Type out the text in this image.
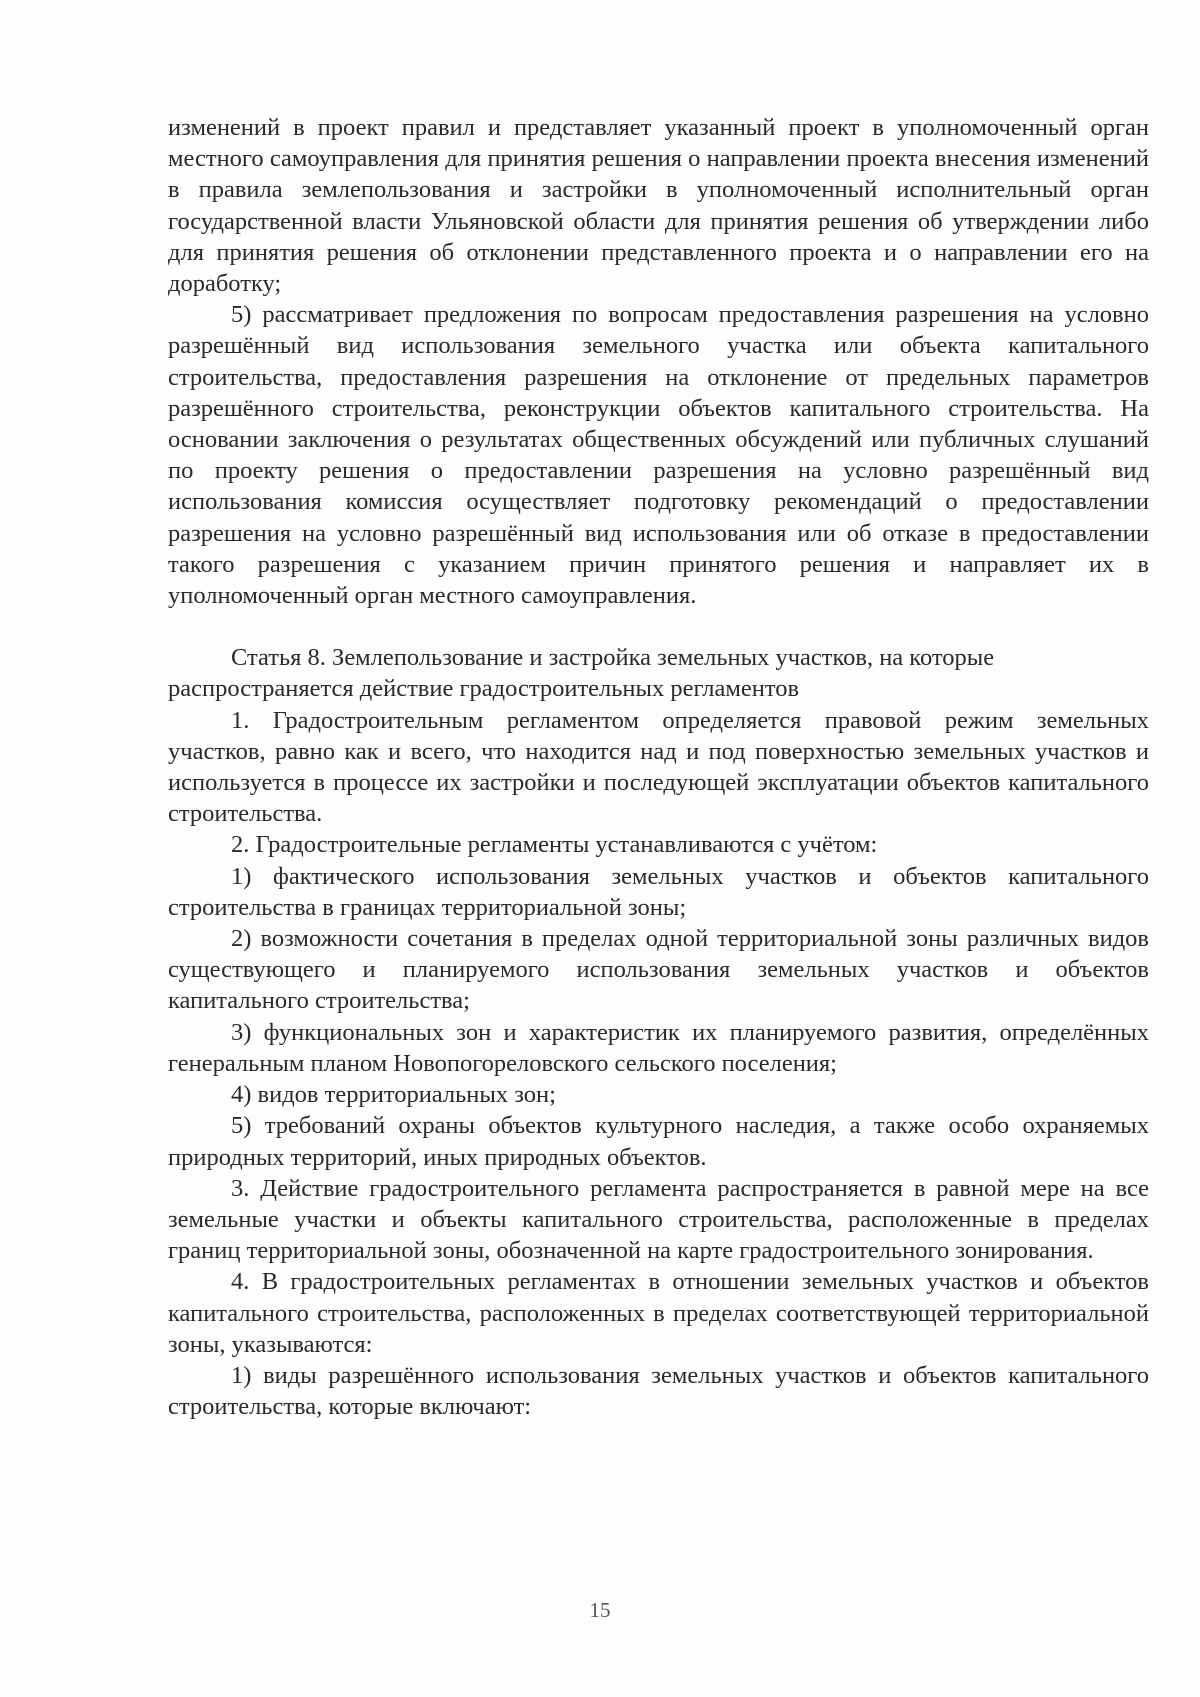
изменений в проект правил и представляет указанный проект в уполномоченный орган местного самоуправления для принятия решения о направлении проекта внесения изменений в правила землепользования и застройки в уполномоченный исполнительный орган государственной власти Ульяновской области для принятия решения об утверждении либо для принятия решения об отклонении представленного проекта и о направлении его на доработку;

5) рассматривает предложения по вопросам предоставления разрешения на условно разрешённый вид использования земельного участка или объекта капитального строительства, предоставления разрешения на отклонение от предельных параметров разрешённого строительства, реконструкции объектов капитального строительства. На основании заключения о результатах общественных обсуждений или публичных слушаний по проекту решения о предоставлении разрешения на условно разрешённый вид использования комиссия осуществляет подготовку рекомендаций о предоставлении разрешения на условно разрешённый вид использования или об отказе в предоставлении такого разрешения с указанием причин принятого решения и направляет их в уполномоченный орган местного самоуправления.

Статья 8. Землепользование и застройка земельных участков, на которые распространяется действие градостроительных регламентов

1. Градостроительным регламентом определяется правовой режим земельных участков, равно как и всего, что находится над и под поверхностью земельных участков и используется в процессе их застройки и последующей эксплуатации объектов капитального строительства.

2. Градостроительные регламенты устанавливаются с учётом:

1) фактического использования земельных участков и объектов капитального строительства в границах территориальной зоны;

2) возможности сочетания в пределах одной территориальной зоны различных видов существующего и планируемого использования земельных участков и объектов капитального строительства;

3) функциональных зон и характеристик их планируемого развития, определённых генеральным планом Новопогореловского сельского поселения;

4) видов территориальных зон;

5) требований охраны объектов культурного наследия, а также особо охраняемых природных территорий, иных природных объектов.

3. Действие градостроительного регламента распространяется в равной мере на все земельные участки и объекты капитального строительства, расположенные в пределах границ территориальной зоны, обозначенной на карте градостроительного зонирования.

4. В градостроительных регламентах в отношении земельных участков и объектов капитального строительства, расположенных в пределах соответствующей территориальной зоны, указываются:

1) виды разрешённого использования земельных участков и объектов капитального строительства, которые включают:

15
